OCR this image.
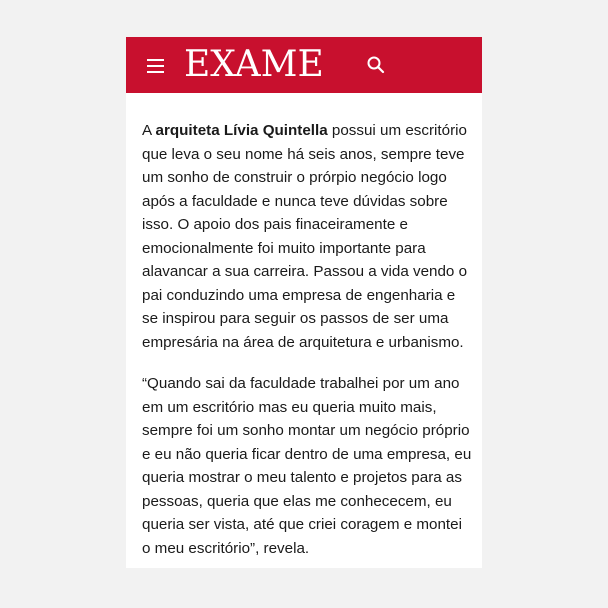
EXAME

A arquiteta Lívia Quintella possui um escritório que leva o seu nome há seis anos, sempre teve um sonho de construir o prórpio negócio logo após a faculdade e nunca teve dúvidas sobre isso. O apoio dos pais finaceiramente e emocionalmente foi muito importante para alavancar a sua carreira. Passou a vida vendo o pai conduzindo uma empresa de engenharia e se inspirou para seguir os passos de ser uma empresária na área de arquitetura e urbanismo.

“Quando sai da faculdade trabalhei por um ano em um escritório mas eu queria muito mais, sempre foi um sonho montar um negócio próprio e eu não queria ficar dentro de uma empresa, eu queria mostrar o meu talento e projetos para as pessoas, queria que elas me conhececem, eu queria ser vista, até que criei coragem e montei o meu escritório”, revela.
